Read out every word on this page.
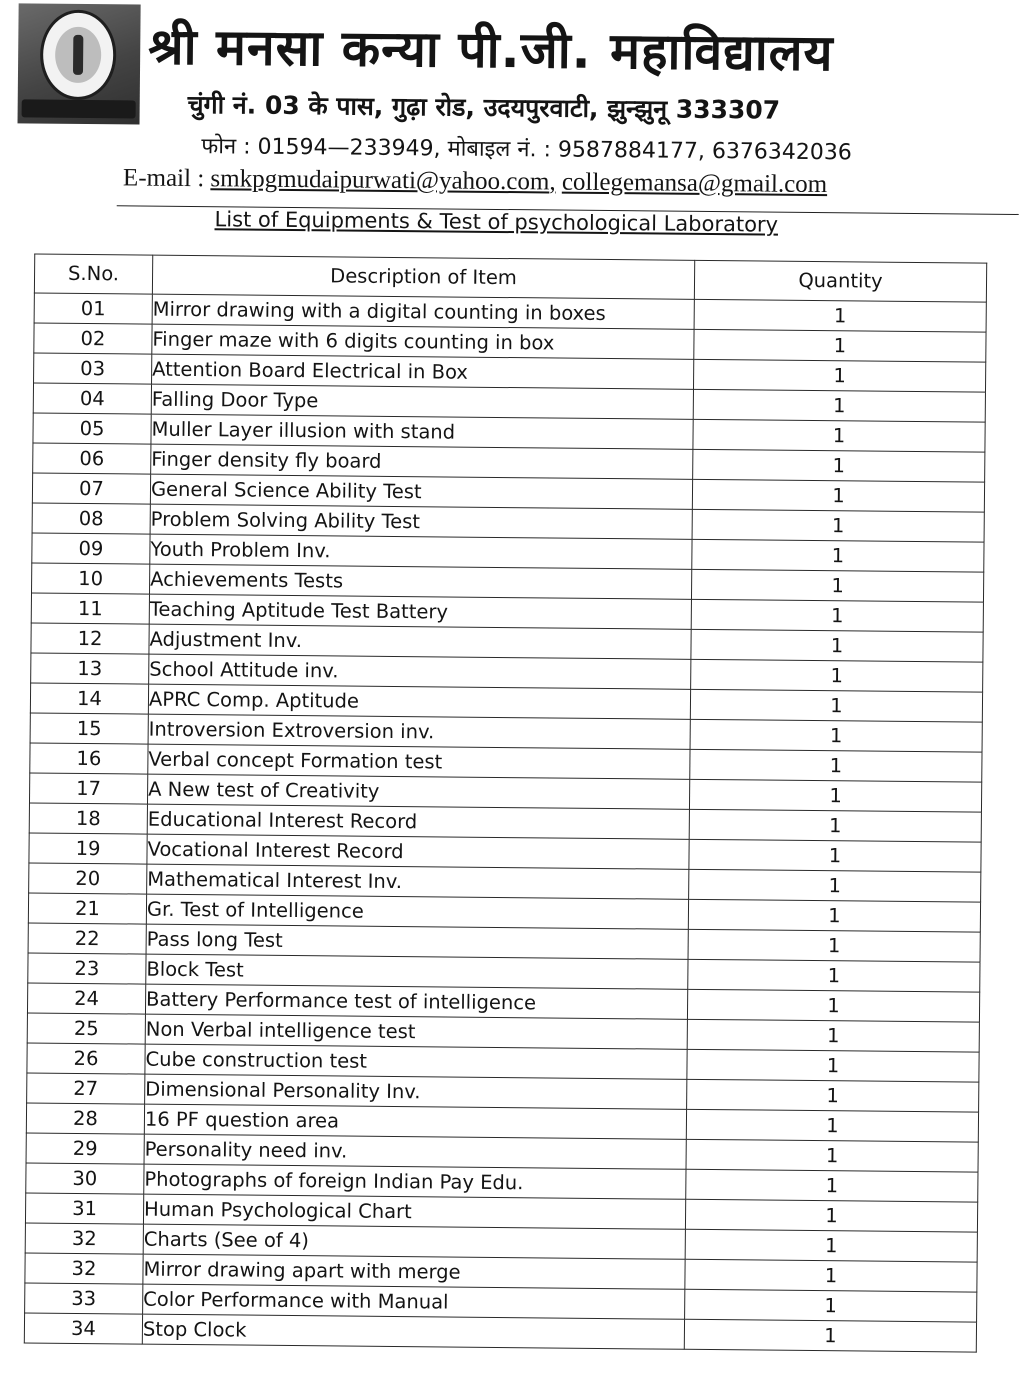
श्री मनसा कन्या पी.जी. महाविद्यालय
चुंगी नं. 03 के पास, गुढ़ा रोड, उदयपुरवाटी, झुन्झुनू 333307
फोन : 01594—233949, मोबाइल नं. : 9587884177, 6376342036
E-mail : smkpgmudaipurwati@yahoo.com, collegemansa@gmail.com
List of Equipments & Test of psychological Laboratory
S.No.	Description of Item	Quantity
01	Mirror drawing with a digital counting in boxes	1
02	Finger maze with 6 digits counting in box	1
03	Attention Board Electrical in Box	1
04	Falling Door Type	1
05	Muller Layer illusion with stand	1
06	Finger density fly board	1
07	General Science Ability Test	1
08	Problem Solving Ability Test	1
09	Youth Problem Inv.	1
10	Achievements Tests	1
11	Teaching Aptitude Test Battery	1
12	Adjustment Inv.	1
13	School Attitude inv.	1
14	APRC Comp. Aptitude	1
15	Introversion Extroversion inv.	1
16	Verbal concept Formation test	1
17	A New test of Creativity	1
18	Educational Interest Record	1
19	Vocational Interest Record	1
20	Mathematical Interest Inv.	1
21	Gr. Test of Intelligence	1
22	Pass long Test	1
23	Block Test	1
24	Battery Performance test of intelligence	1
25	Non Verbal intelligence test	1
26	Cube construction test	1
27	Dimensional Personality Inv.	1
28	16 PF question area	1
29	Personality need inv.	1
30	Photographs of foreign Indian Pay Edu.	1
31	Human Psychological Chart	1
32	Charts (See of 4)	1
32	Mirror drawing apart with merge	1
33	Color Performance with Manual	1
34	Stop Clock	1
